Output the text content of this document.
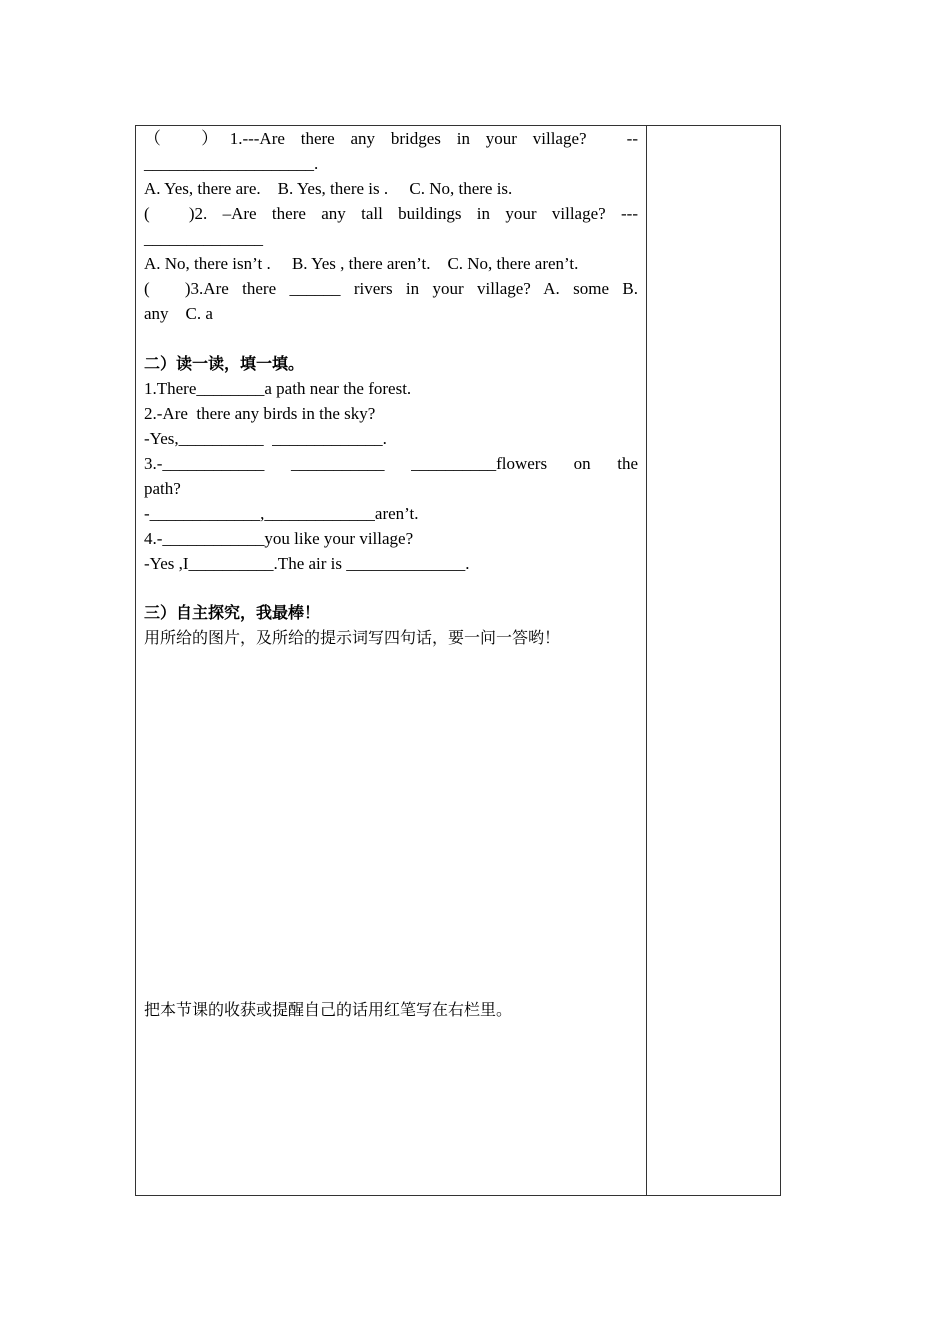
（　）1.---Are there any bridges in your village?　--
____________________.
A. Yes, there are.    B. Yes, there is .     C. No, there is.
(　)2. –Are there any tall buildings in your village? ---
______________
A. No, there isn’t .     B. Yes , there aren’t.    C. No, there aren’t.
(　)3.Are there ______ rivers in your village? A. some B.
any    C. a
二）读一读，填一填。
1.There________a path near the forest.
2.-Are  there any birds in the sky?
-Yes,__________  _____________.
3.-____________ ___________ __________flowers on the
path?
-_____________,_____________aren’t.
4.-____________you like your village?
-Yes ,I__________.The air is ______________.
三）自主探究，我最棒！
用所给的图片，及所给的提示词写四句话，要一问一答哟！
把本节课的收获或提醒自己的话用红笔写在右栏里。
